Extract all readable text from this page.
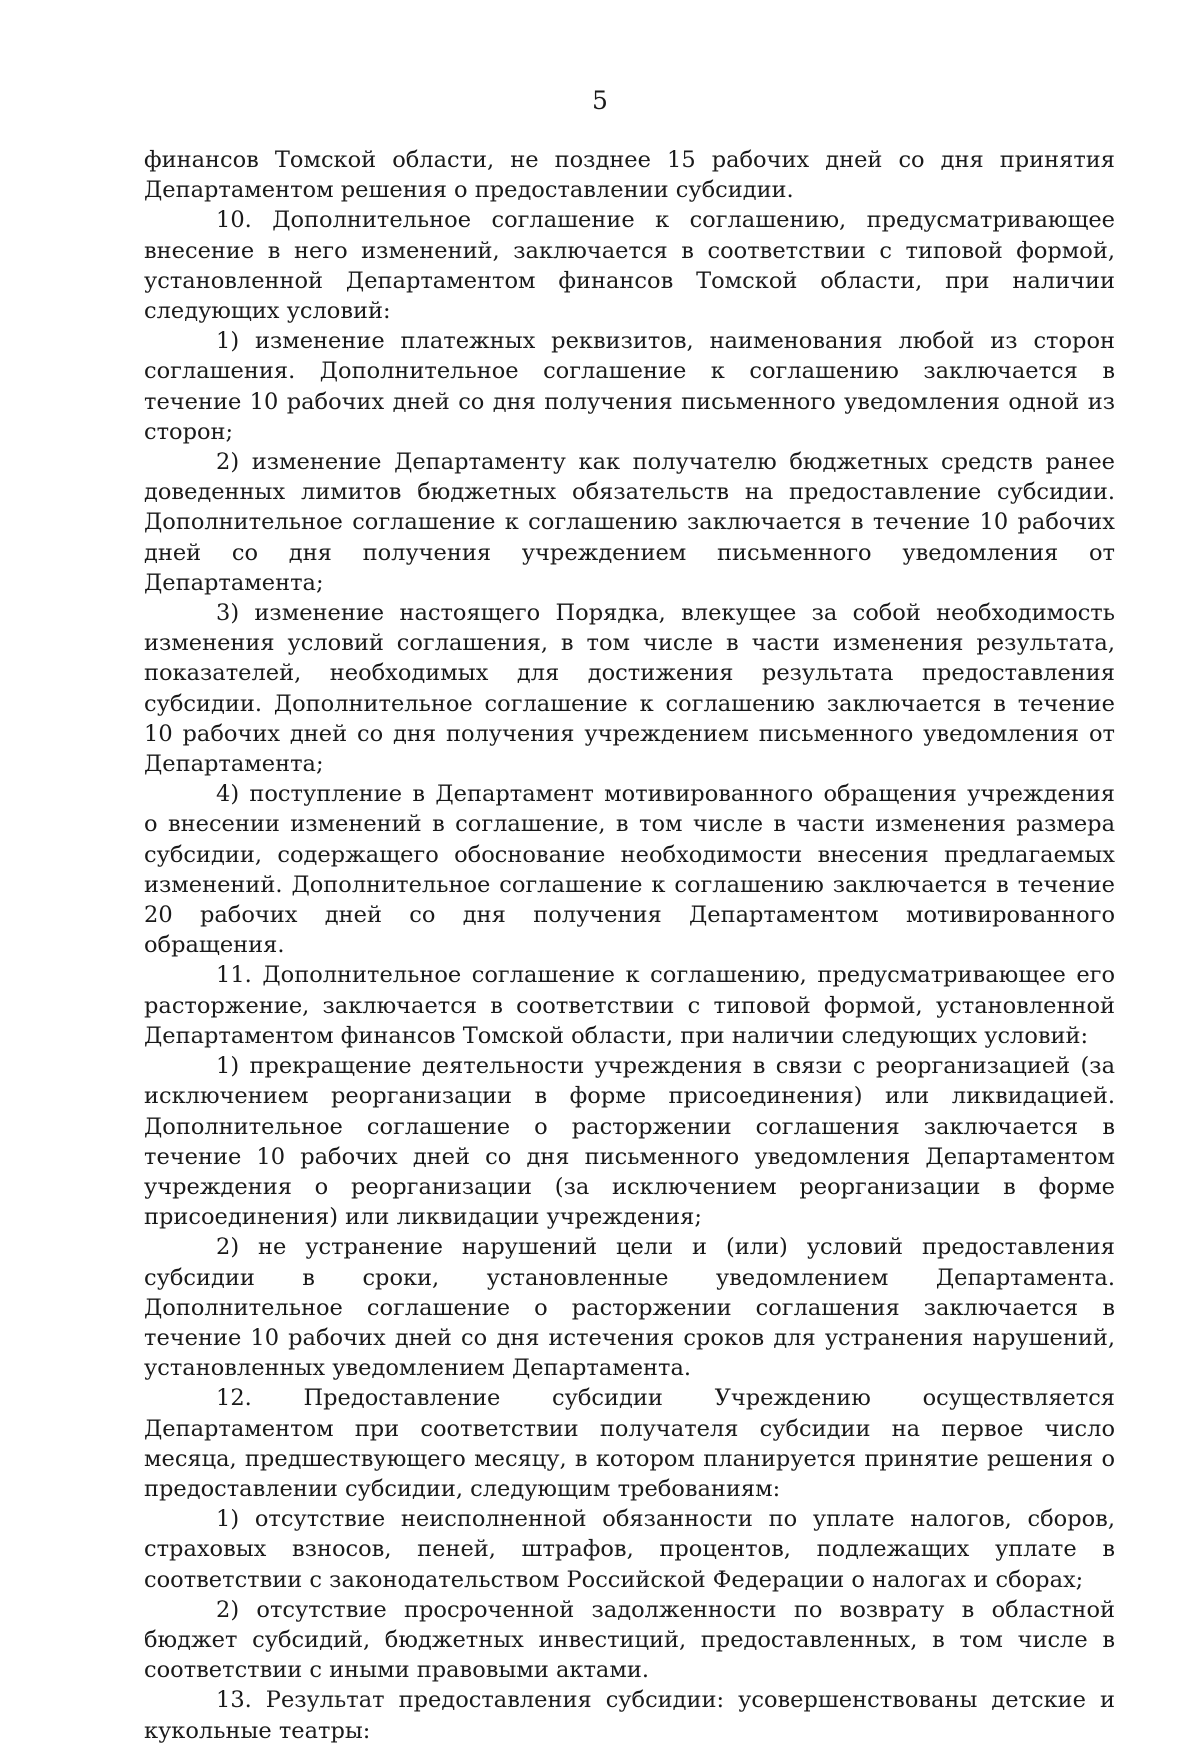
5

финансов Томской области, не позднее 15 рабочих дней со дня принятия Департаментом решения о предоставлении субсидии.

10. Дополнительное соглашение к соглашению, предусматривающее внесение в него изменений, заключается в соответствии с типовой формой, установленной Департаментом финансов Томской области, при наличии следующих условий:

1) изменение платежных реквизитов, наименования любой из сторон соглашения. Дополнительное соглашение к соглашению заключается в течение 10 рабочих дней со дня получения письменного уведомления одной из сторон;

2) изменение Департаменту как получателю бюджетных средств ранее доведенных лимитов бюджетных обязательств на предоставление субсидии. Дополнительное соглашение к соглашению заключается в течение 10 рабочих дней со дня получения учреждением письменного уведомления от Департамента;

3) изменение настоящего Порядка, влекущее за собой необходимость изменения условий соглашения, в том числе в части изменения результата, показателей, необходимых для достижения результата предоставления субсидии. Дополнительное соглашение к соглашению заключается в течение 10 рабочих дней со дня получения учреждением письменного уведомления от Департамента;

4) поступление в Департамент мотивированного обращения учреждения о внесении изменений в соглашение, в том числе в части изменения размера субсидии, содержащего обоснование необходимости внесения предлагаемых изменений. Дополнительное соглашение к соглашению заключается в течение 20 рабочих дней со дня получения Департаментом мотивированного обращения.

11. Дополнительное соглашение к соглашению, предусматривающее его расторжение, заключается в соответствии с типовой формой, установленной Департаментом финансов Томской области, при наличии следующих условий:

1) прекращение деятельности учреждения в связи с реорганизацией (за исключением реорганизации в форме присоединения) или ликвидацией. Дополнительное соглашение о расторжении соглашения заключается в течение 10 рабочих дней со дня письменного уведомления Департаментом учреждения о реорганизации (за исключением реорганизации в форме присоединения) или ликвидации учреждения;

2) не устранение нарушений цели и (или) условий предоставления субсидии в сроки, установленные уведомлением Департамента. Дополнительное соглашение о расторжении соглашения заключается в течение 10 рабочих дней со дня истечения сроков для устранения нарушений, установленных уведомлением Департамента.

12. Предоставление субсидии Учреждению осуществляется Департаментом при соответствии получателя субсидии на первое число месяца, предшествующего месяцу, в котором планируется принятие решения о предоставлении субсидии, следующим требованиям:

1) отсутствие неисполненной обязанности по уплате налогов, сборов, страховых взносов, пеней, штрафов, процентов, подлежащих уплате в соответствии с законодательством Российской Федерации о налогах и сборах;

2) отсутствие просроченной задолженности по возврату в областной бюджет субсидий, бюджетных инвестиций, предоставленных, в том числе в соответствии с иными правовыми актами.

13. Результат предоставления субсидии: усовершенствованы детские и кукольные театры:
